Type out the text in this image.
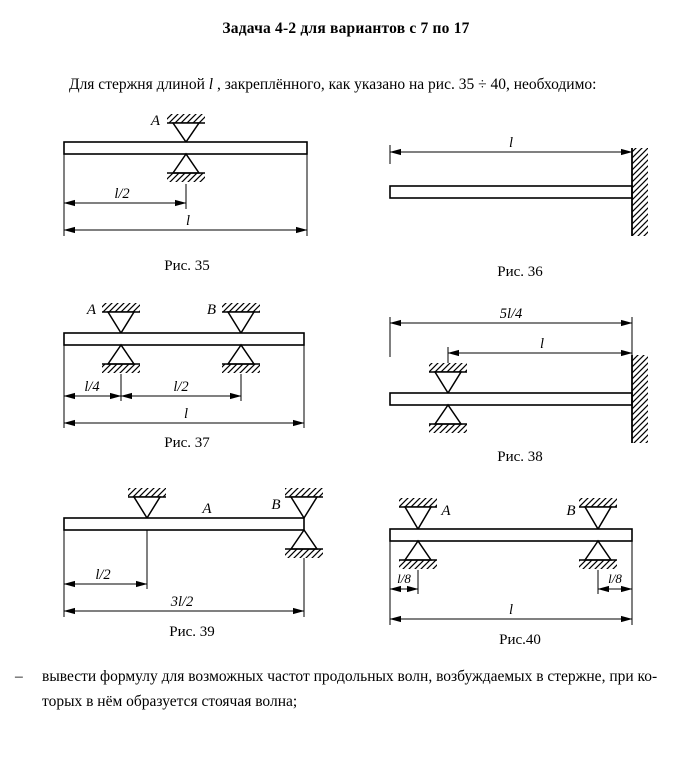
Задача 4-2 для вариантов с 7 по 17
Для стержня длиной l , закреплённого, как указано на рис. 35 ÷ 40, необходимо:
A
l/2
l
Рис. 35
l
Рис. 36
A	B
l/4	l/2
l
Рис. 37
5l/4
l
Рис. 38
A	B
l/2
3l/2
Рис. 39
A	B
l/8	l/8
l
Рис.40
–	вывести формулу для возможных частот продольных волн, возбуждаемых в стержне, при ко-
торых в нём образуется стоячая волна;
